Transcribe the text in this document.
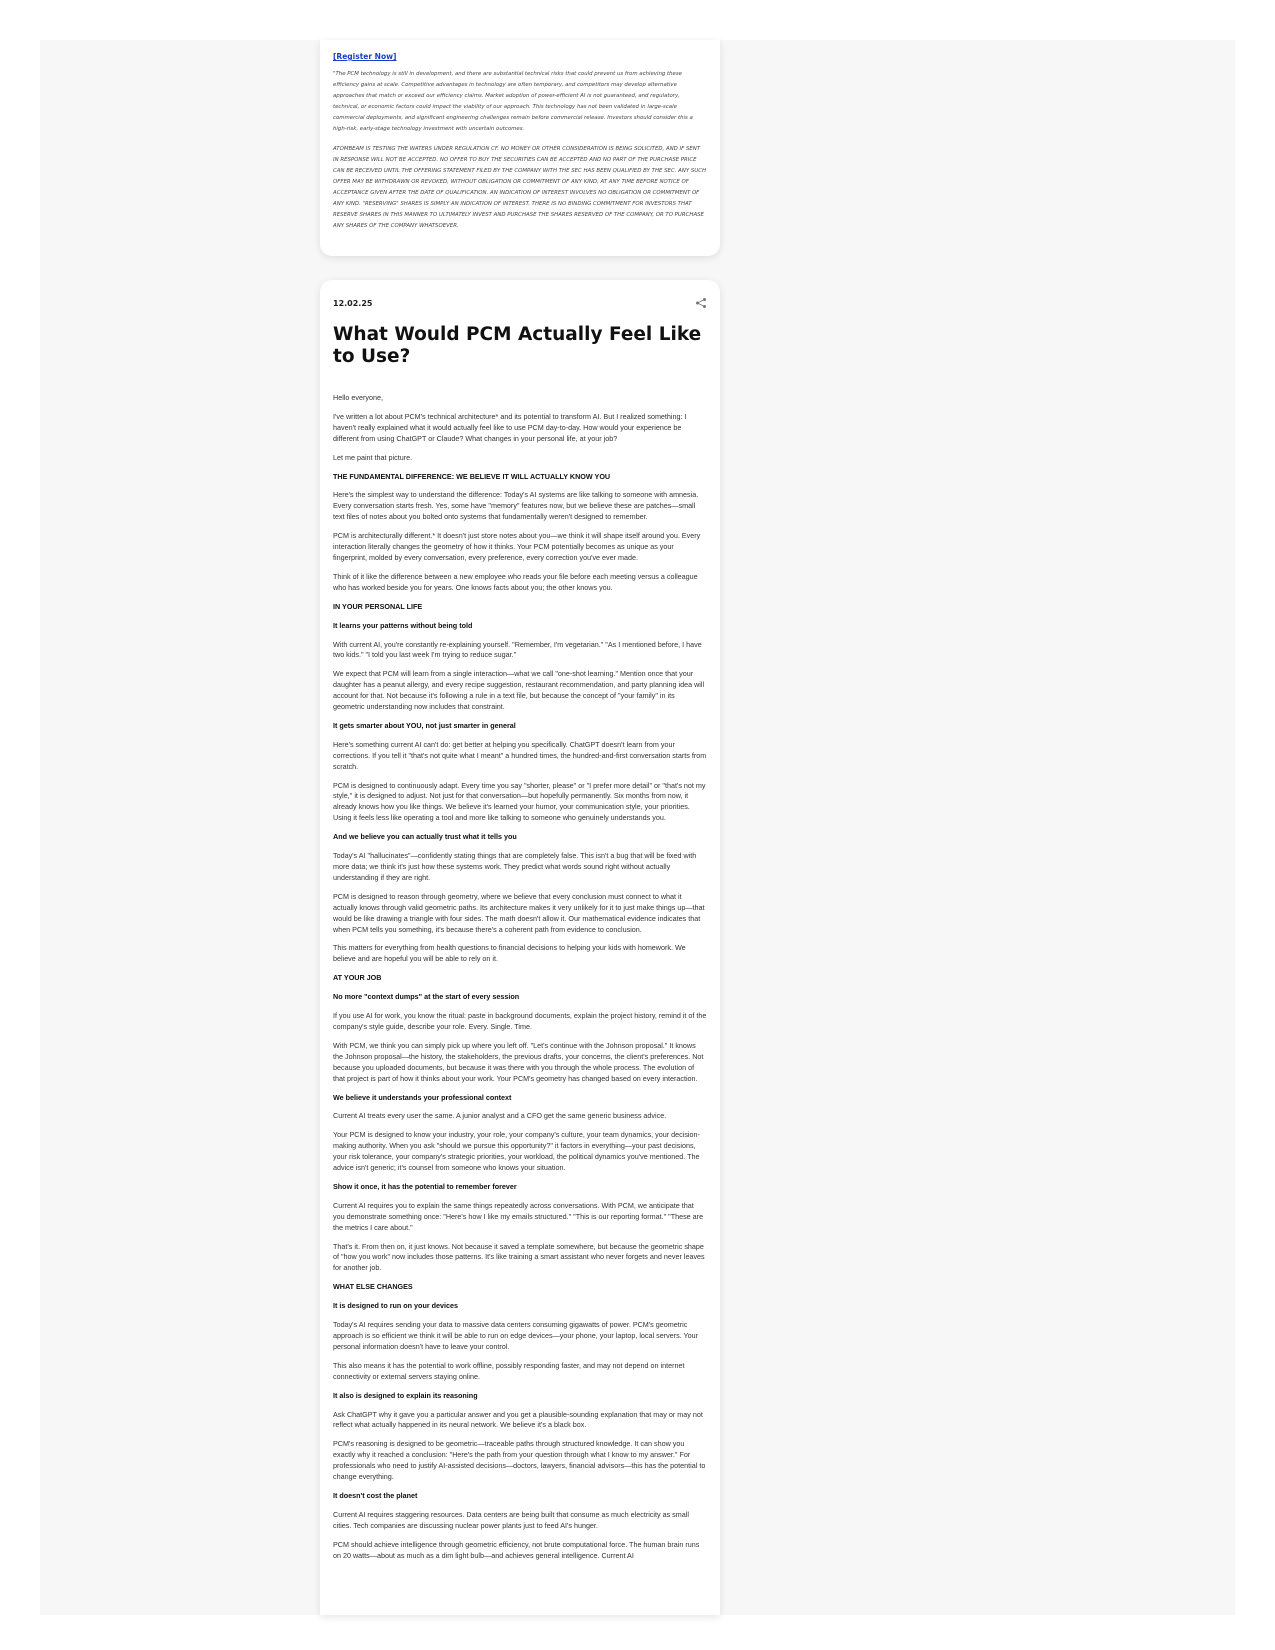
[Register Now]

"The PCM technology is still in development, and there are substantial technical risks that could prevent us from achieving these efficiency gains at scale. Competitive advantages in technology are often temporary, and competitors may develop alternative approaches that match or exceed our efficiency claims. Market adoption of power-efficient AI is not guaranteed, and regulatory, technical, or economic factors could impact the viability of our approach. This technology has not been validated in large-scale commercial deployments, and significant engineering challenges remain before commercial release. Investors should consider this a high-risk, early-stage technology investment with uncertain outcomes.

ATOMBEAM IS TESTING THE WATERS UNDER REGULATION CF. NO MONEY OR OTHER CONSIDERATION IS BEING SOLICITED, AND IF SENT IN RESPONSE WILL NOT BE ACCEPTED. NO OFFER TO BUY THE SECURITIES CAN BE ACCEPTED AND NO PART OF THE PURCHASE PRICE CAN BE RECEIVED UNTIL THE OFFERING STATEMENT FILED BY THE COMPANY WITH THE SEC HAS BEEN QUALIFIED BY THE SEC. ANY SUCH OFFER MAY BE WITHDRAWN OR REVOKED, WITHOUT OBLIGATION OR COMMITMENT OF ANY KIND, AT ANY TIME BEFORE NOTICE OF ACCEPTANCE GIVEN AFTER THE DATE OF QUALIFICATION. AN INDICATION OF INTEREST INVOLVES NO OBLIGATION OR COMMITMENT OF ANY KIND. "RESERVING" SHARES IS SIMPLY AN INDICATION OF INTEREST. THERE IS NO BINDING COMMITMENT FOR INVESTORS THAT RESERVE SHARES IN THIS MANNER TO ULTIMATELY INVEST AND PURCHASE THE SHARES RESERVED OF THE COMPANY, OR TO PURCHASE ANY SHARES OF THE COMPANY WHATSOEVER.

12.02.25
What Would PCM Actually Feel Like to Use?

Hello everyone,

I've written a lot about PCM's technical architecture* and its potential to transform AI. But I realized something: I haven't really explained what it would actually feel like to use PCM day-to-day. How would your experience be different from using ChatGPT or Claude? What changes in your personal life, at your job?

Let me paint that picture.

THE FUNDAMENTAL DIFFERENCE: WE BELIEVE IT WILL ACTUALLY KNOW YOU

Here's the simplest way to understand the difference: Today's AI systems are like talking to someone with amnesia. Every conversation starts fresh. Yes, some have "memory" features now, but we believe these are patches—small text files of notes about you bolted onto systems that fundamentally weren't designed to remember.

PCM is architecturally different.* It doesn't just store notes about you—we think it will shape itself around you. Every interaction literally changes the geometry of how it thinks. Your PCM potentially becomes as unique as your fingerprint, molded by every conversation, every preference, every correction you've ever made.

Think of it like the difference between a new employee who reads your file before each meeting versus a colleague who has worked beside you for years. One knows facts about you; the other knows you.

IN YOUR PERSONAL LIFE
It learns your patterns without being told

With current AI, you're constantly re-explaining yourself. "Remember, I'm vegetarian." "As I mentioned before, I have two kids." "I told you last week I'm trying to reduce sugar."

We expect that PCM will learn from a single interaction—what we call "one-shot learning." Mention once that your daughter has a peanut allergy, and every recipe suggestion, restaurant recommendation, and party planning idea will account for that. Not because it's following a rule in a text file, but because the concept of "your family" in its geometric understanding now includes that constraint.

It gets smarter about YOU, not just smarter in general

Here's something current AI can't do: get better at helping you specifically. ChatGPT doesn't learn from your corrections. If you tell it "that's not quite what I meant" a hundred times, the hundred-and-first conversation starts from scratch.

PCM is designed to continuously adapt. Every time you say "shorter, please" or "I prefer more detail" or "that's not my style," it is designed to adjust. Not just for that conversation—but hopefully permanently. Six months from now, it already knows how you like things. We believe it's learned your humor, your communication style, your priorities. Using it feels less like operating a tool and more like talking to someone who genuinely understands you.

And we believe you can actually trust what it tells you

Today's AI "hallucinates"—confidently stating things that are completely false. This isn't a bug that will be fixed with more data; we think it's just how these systems work. They predict what words sound right without actually understanding if they are right.

PCM is designed to reason through geometry, where we believe that every conclusion must connect to what it actually knows through valid geometric paths. Its architecture makes it very unlikely for it to just make things up—that would be like drawing a triangle with four sides. The math doesn't allow it. Our mathematical evidence indicates that when PCM tells you something, it's because there's a coherent path from evidence to conclusion.

This matters for everything from health questions to financial decisions to helping your kids with homework. We believe and are hopeful you will be able to rely on it.

AT YOUR JOB
No more "context dumps" at the start of every session

If you use AI for work, you know the ritual: paste in background documents, explain the project history, remind it of the company's style guide, describe your role. Every. Single. Time.

With PCM, we think you can simply pick up where you left off. "Let's continue with the Johnson proposal." It knows the Johnson proposal—the history, the stakeholders, the previous drafts, your concerns, the client's preferences. Not because you uploaded documents, but because it was there with you through the whole process. The evolution of that project is part of how it thinks about your work. Your PCM's geometry has changed based on every interaction.

We believe it understands your professional context

Current AI treats every user the same. A junior analyst and a CFO get the same generic business advice.

Your PCM is designed to know your industry, your role, your company's culture, your team dynamics, your decision-making authority. When you ask "should we pursue this opportunity?" it factors in everything—your past decisions, your risk tolerance, your company's strategic priorities, your workload, the political dynamics you've mentioned. The advice isn't generic; it's counsel from someone who knows your situation.

Show it once, it has the potential to remember forever

Current AI requires you to explain the same things repeatedly across conversations. With PCM, we anticipate that you demonstrate something once: "Here's how I like my emails structured." "This is our reporting format." "These are the metrics I care about."

That's it. From then on, it just knows. Not because it saved a template somewhere, but because the geometric shape of "how you work" now includes those patterns. It's like training a smart assistant who never forgets and never leaves for another job.

WHAT ELSE CHANGES
It is designed to run on your devices

Today's AI requires sending your data to massive data centers consuming gigawatts of power. PCM's geometric approach is so efficient we think it will be able to run on edge devices—your phone, your laptop, local servers. Your personal information doesn't have to leave your control.

This also means it has the potential to work offline, possibly responding faster, and may not depend on internet connectivity or external servers staying online.

It also is designed to explain its reasoning

Ask ChatGPT why it gave you a particular answer and you get a plausible-sounding explanation that may or may not reflect what actually happened in its neural network. We believe it's a black box.

PCM's reasoning is designed to be geometric—traceable paths through structured knowledge. It can show you exactly why it reached a conclusion: "Here's the path from your question through what I know to my answer." For professionals who need to justify AI-assisted decisions—doctors, lawyers, financial advisors—this has the potential to change everything.

It doesn't cost the planet

Current AI requires staggering resources. Data centers are being built that consume as much electricity as small cities. Tech companies are discussing nuclear power plants just to feed AI's hunger.

PCM should achieve intelligence through geometric efficiency, not brute computational force. The human brain runs on 20 watts—about as much as a dim light bulb—and achieves general intelligence. Current AI
